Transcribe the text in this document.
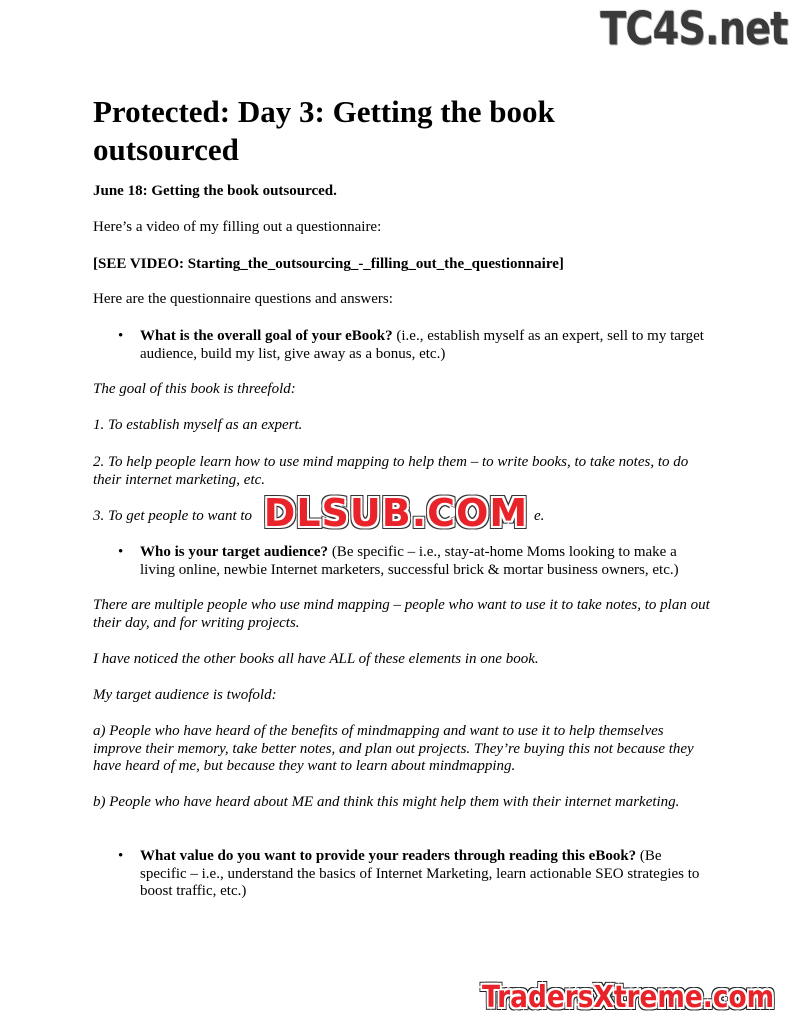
TC4S.net
Protected: Day 3: Getting the book outsourced

June 18: Getting the book outsourced.

Here’s a video of my filling out a questionnaire:

[SEE VIDEO: Starting_the_outsourcing_-_filling_out_the_questionnaire]

Here are the questionnaire questions and answers:

• What is the overall goal of your eBook? (i.e., establish myself as an expert, sell to my target audience, build my list, give away as a bonus, etc.)

The goal of this book is threefold:

1. To establish myself as an expert.

2. To help people learn how to use mind mapping to help them – to write books, to take notes, to do their internet marketing, etc.

3. To get people to want to	e.

DLSUB.COM
• Who is your target audience? (Be specific – i.e., stay-at-home Moms looking to make a living online, newbie Internet marketers, successful brick & mortar business owners, etc.)

There are multiple people who use mind mapping – people who want to use it to take notes, to plan out their day, and for writing projects.

I have noticed the other books all have ALL of these elements in one book.

My target audience is twofold:

a) People who have heard of the benefits of mindmapping and want to use it to help themselves improve their memory, take better notes, and plan out projects. They’re buying this not because they have heard of me, but because they want to learn about mindmapping.

b) People who have heard about ME and think this might help them with their internet marketing.

• What value do you want to provide your readers through reading this eBook? (Be specific – i.e., understand the basics of Internet Marketing, learn actionable SEO strategies to boost traffic, etc.)

TradersXtreme.com
